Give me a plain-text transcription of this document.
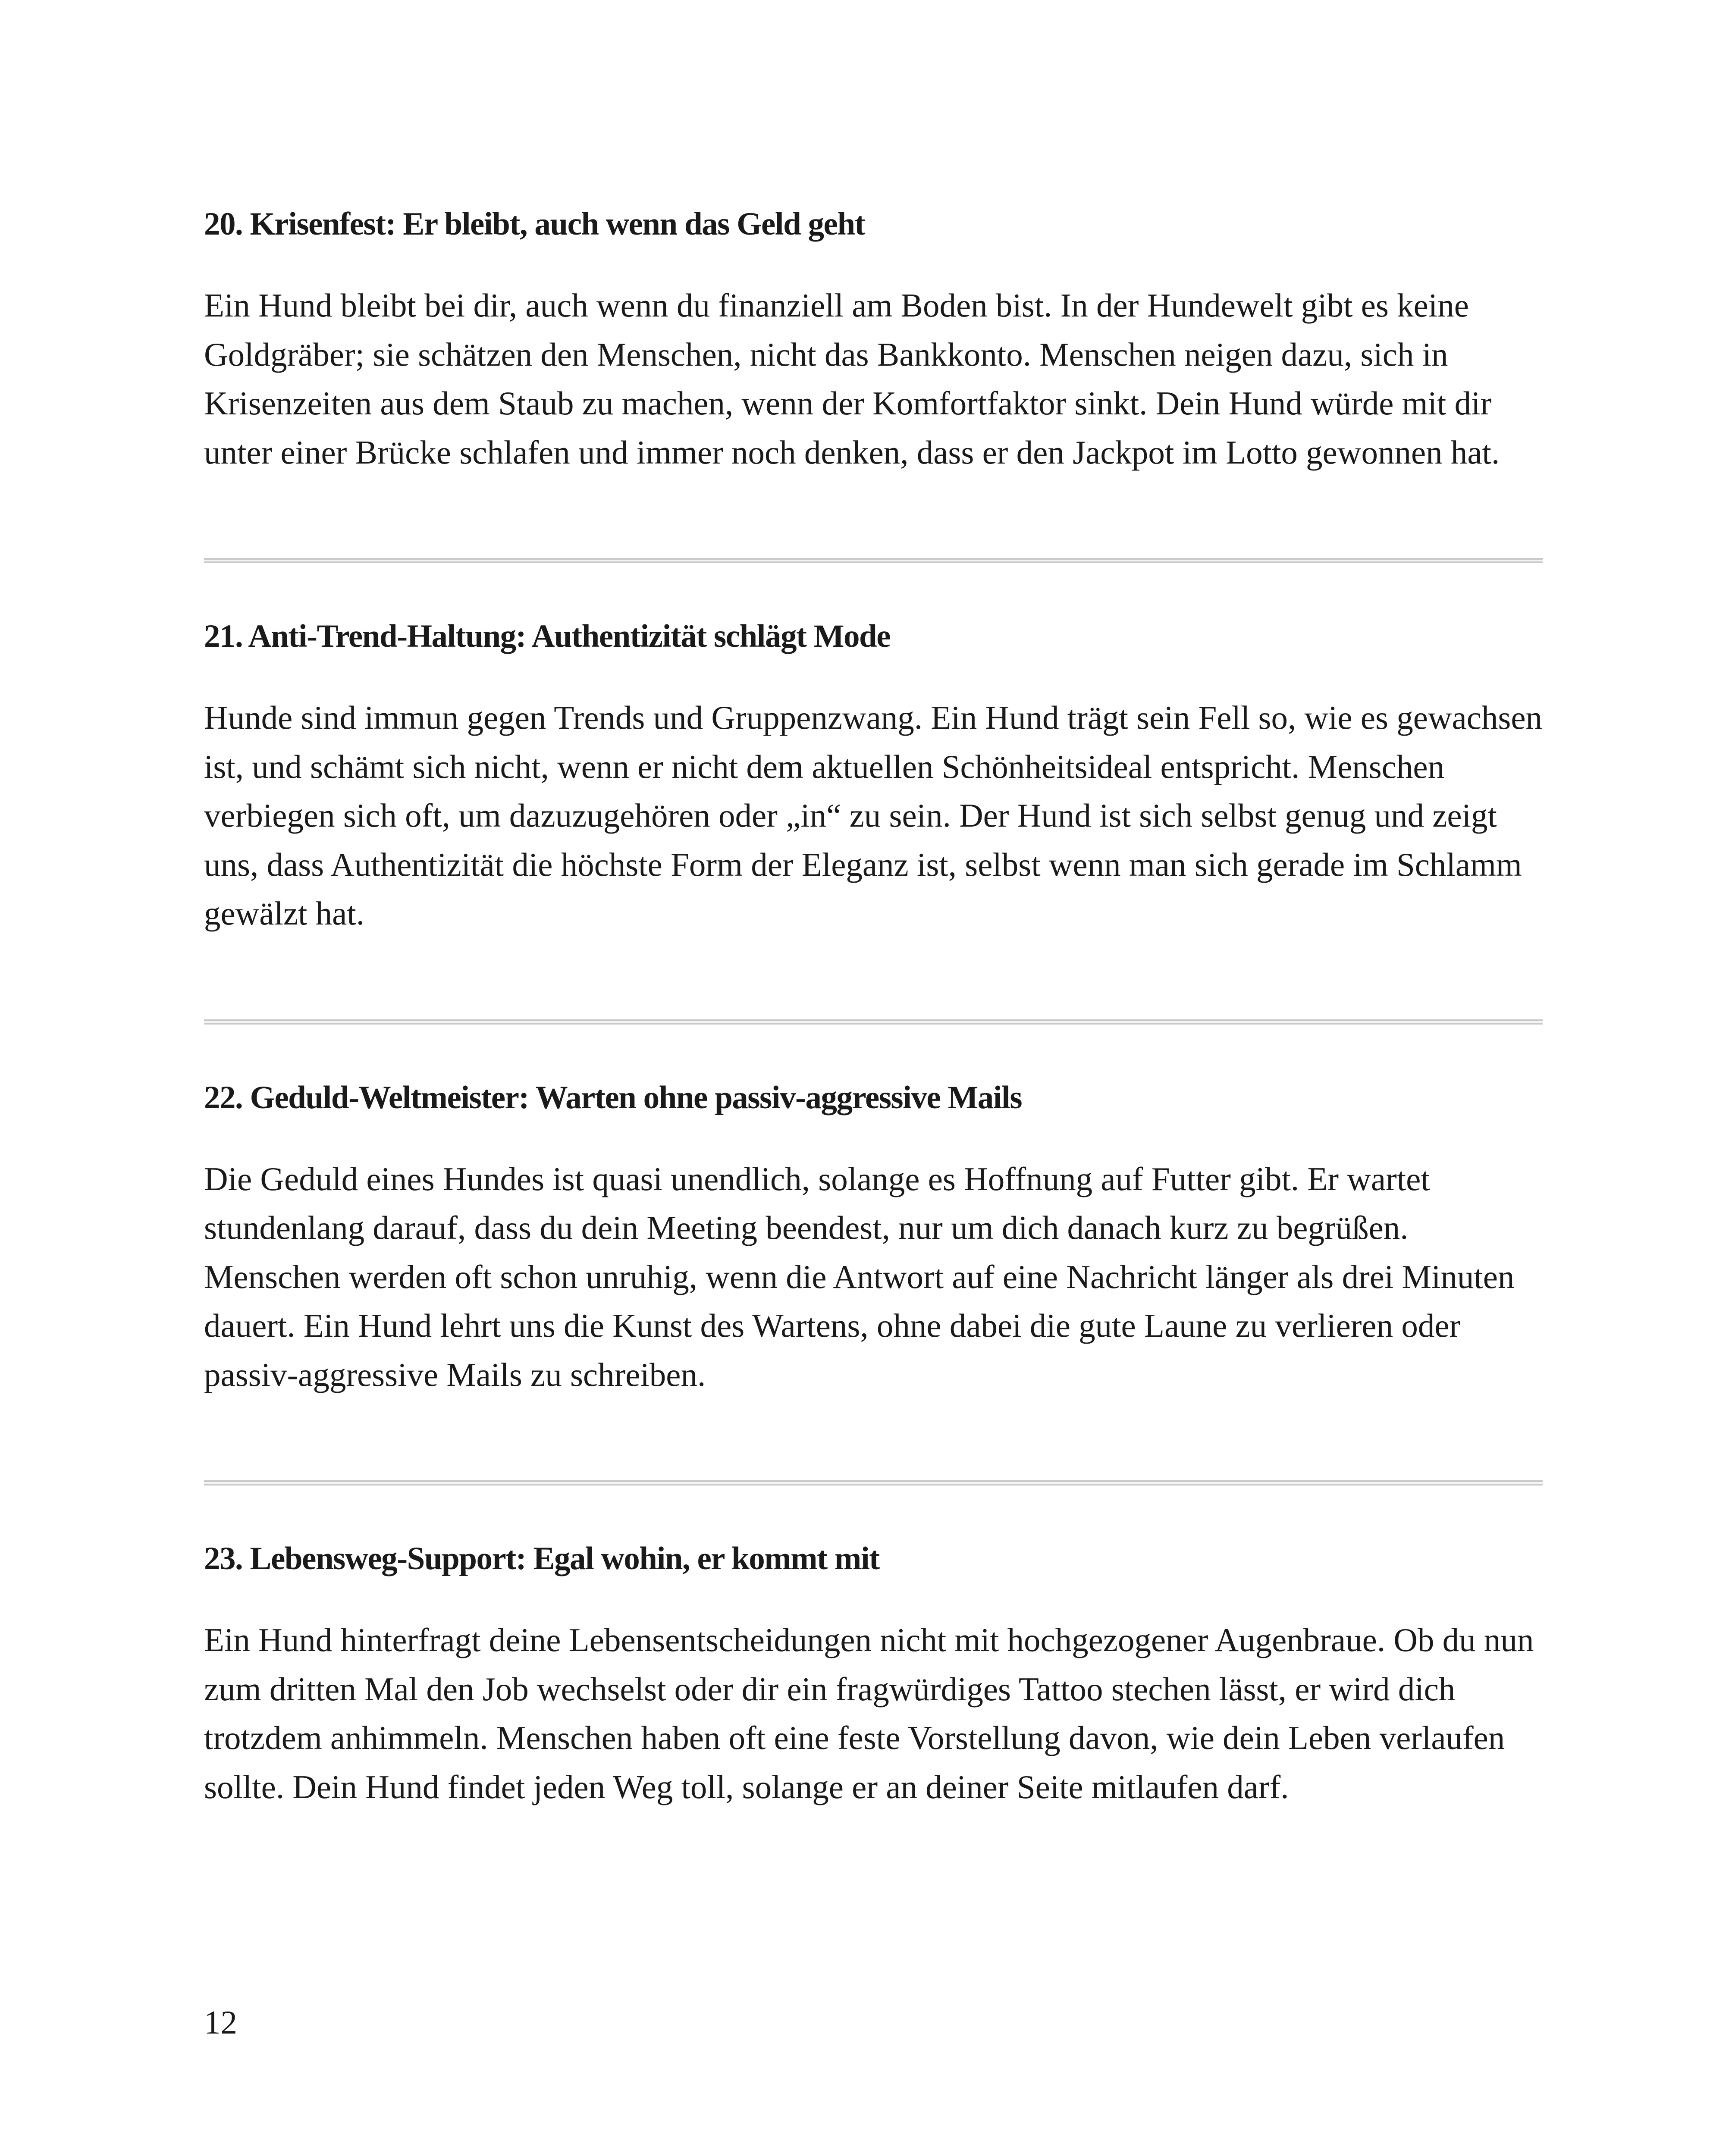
20. Krisenfest: Er bleibt, auch wenn das Geld geht

Ein Hund bleibt bei dir, auch wenn du finanziell am Boden bist. In der Hundewelt gibt es keine Goldgräber; sie schätzen den Menschen, nicht das Bankkonto. Menschen neigen dazu, sich in Krisenzeiten aus dem Staub zu machen, wenn der Komfortfaktor sinkt. Dein Hund würde mit dir unter einer Brücke schlafen und immer noch denken, dass er den Jackpot im Lotto gewonnen hat.

21. Anti-Trend-Haltung: Authentizität schlägt Mode

Hunde sind immun gegen Trends und Gruppenzwang. Ein Hund trägt sein Fell so, wie es gewachsen ist, und schämt sich nicht, wenn er nicht dem aktuellen Schönheitsideal entspricht. Menschen verbiegen sich oft, um dazuzugehören oder „in“ zu sein. Der Hund ist sich selbst genug und zeigt uns, dass Authentizität die höchste Form der Eleganz ist, selbst wenn man sich gerade im Schlamm gewälzt hat.

22. Geduld-Weltmeister: Warten ohne passiv-aggressive Mails

Die Geduld eines Hundes ist quasi unendlich, solange es Hoffnung auf Futter gibt. Er wartet stundenlang darauf, dass du dein Meeting beendest, nur um dich danach kurz zu begrüßen. Menschen werden oft schon unruhig, wenn die Antwort auf eine Nachricht länger als drei Minuten dauert. Ein Hund lehrt uns die Kunst des Wartens, ohne dabei die gute Laune zu verlieren oder passiv-aggressive Mails zu schreiben.

23. Lebensweg-Support: Egal wohin, er kommt mit

Ein Hund hinterfragt deine Lebensentscheidungen nicht mit hochgezogener Augenbraue. Ob du nun zum dritten Mal den Job wechselst oder dir ein fragwürdiges Tattoo stechen lässt, er wird dich trotzdem anhimmeln. Menschen haben oft eine feste Vorstellung davon, wie dein Leben verlaufen sollte. Dein Hund findet jeden Weg toll, solange er an deiner Seite mitlaufen darf.

12
